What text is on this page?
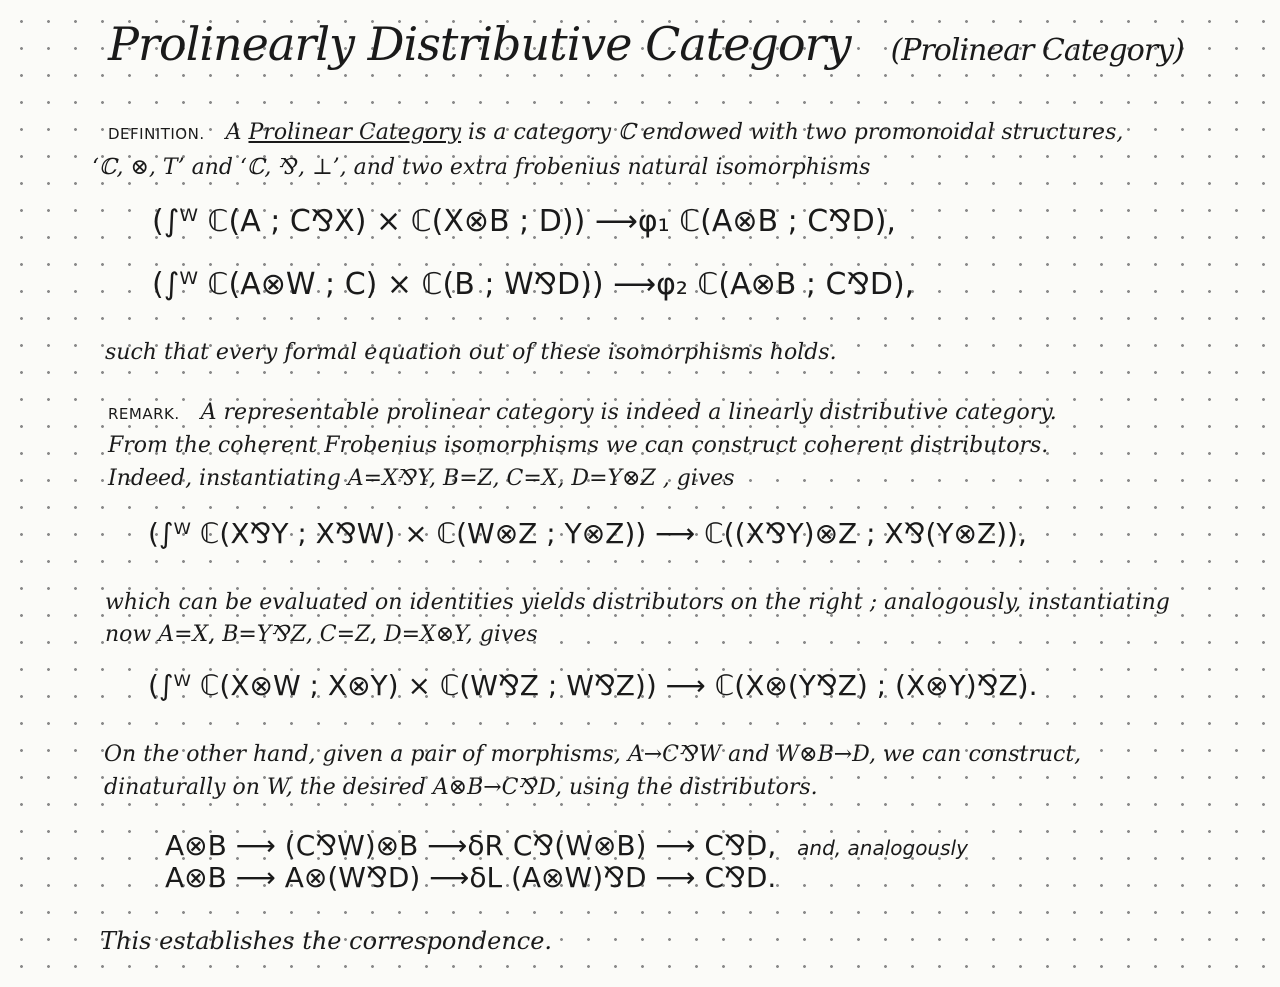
Prolinearly Distributive Category (Prolinear Category)
DEFINITION. A Prolinear Category is a category ℂ endowed with two promonoidal structures,
‘ℂ, ⊗, T’ and ‘ℂ, ⅋, ⊥’, and two extra frobenius natural isomorphisms
(∫ᵂ ℂ(A ; C⅋X) × ℂ(X⊗B ; D)) ⟶φ₁ ℂ(A⊗B ; C⅋D),
(∫ᵂ ℂ(A⊗W ; C) × ℂ(B ; W⅋D)) ⟶φ₂ ℂ(A⊗B ; C⅋D),
such that every formal equation out of these isomorphisms holds.
REMARK. A representable prolinear category is indeed a linearly distributive category.
From the coherent Frobenius isomorphisms we can construct coherent distributors.
Indeed, instantiating A=X⅋Y, B=Z, C=X, D=Y⊗Z , gives
(∫ᵂ ℂ(X⅋Y ; X⅋W) × ℂ(W⊗Z ; Y⊗Z)) ⟶ ℂ((X⅋Y)⊗Z ; X⅋(Y⊗Z)),
which can be evaluated on identities yields distributors on the right ; analogously, instantiating
now A=X, B=Y⅋Z, C=Z, D=X⊗Y, gives
(∫ᵂ ℂ(X⊗W ; X⊗Y) × ℂ(W⅋Z ; W⅋Z)) ⟶ ℂ(X⊗(Y⅋Z) ; (X⊗Y)⅋Z).
On the other hand, given a pair of morphisms, A→C⅋W and W⊗B→D, we can construct,
dinaturally on W, the desired A⊗B→C⅋D, using the distributors.
A⊗B ⟶ (C⅋W)⊗B ⟶δR C⅋(W⊗B) ⟶ C⅋D, and, analogously
A⊗B ⟶ A⊗(W⅋D) ⟶δL (A⊗W)⅋D ⟶ C⅋D.
This establishes the correspondence.
